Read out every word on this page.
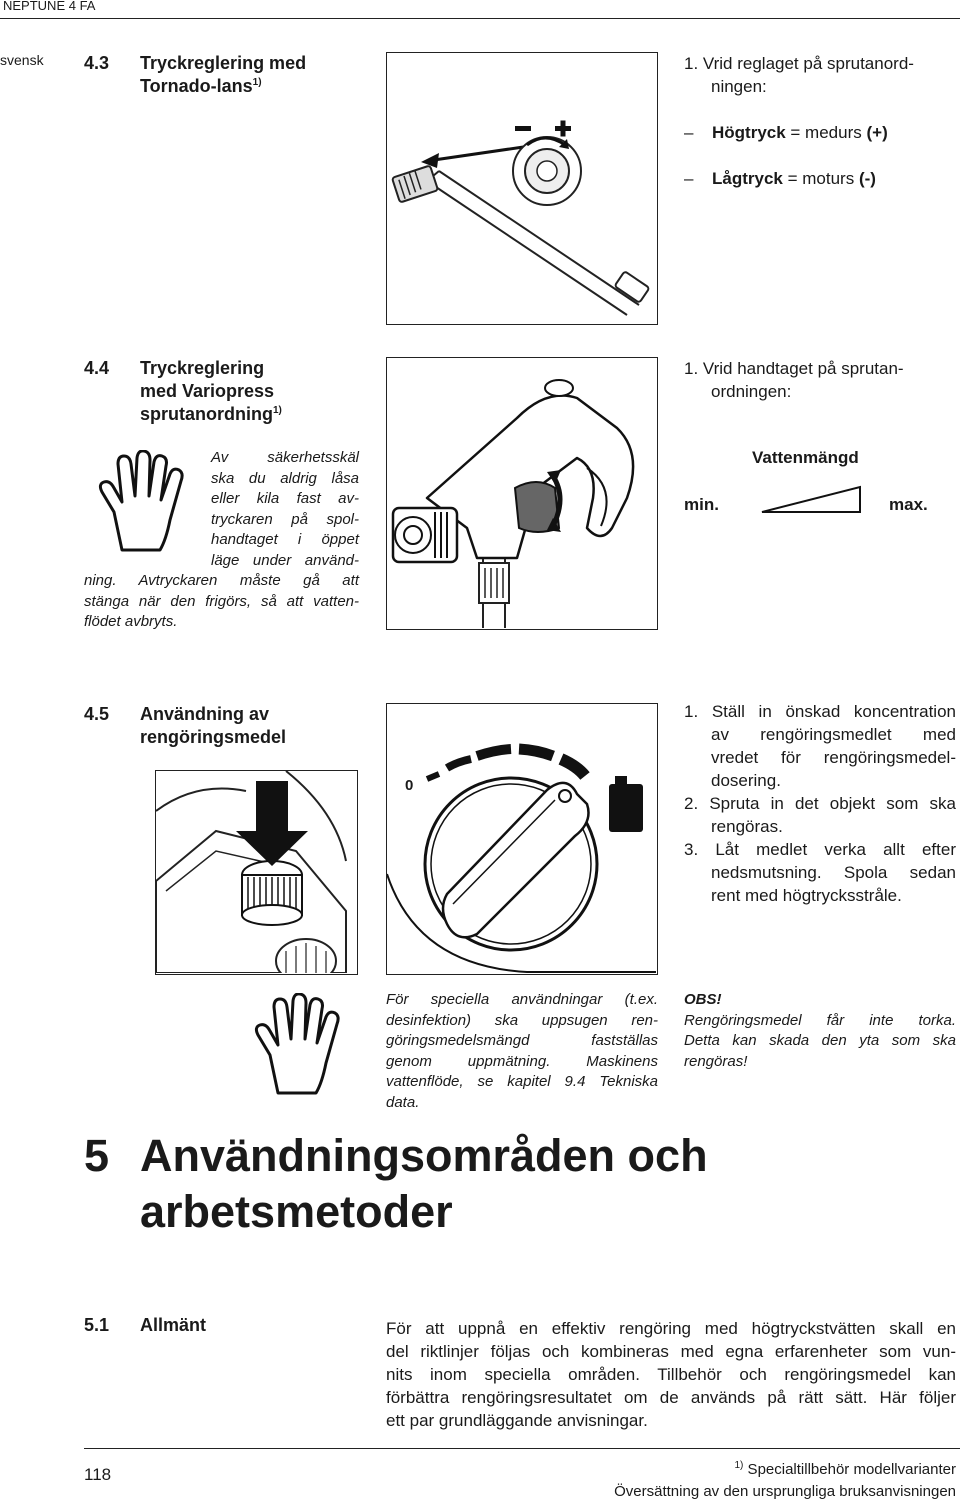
NEPTUNE 4 FA
svensk 4.3 Tryckreglering med
Tornado-lans$^{1)}$
1. Vrid reglaget på sprutanord-
ningen:
– Högtryck = medurs (+)
– Lågtryck = moturs (-)
4.4 Tryckreglering
med Variopress
sprutanordning$^{1)}$
Av säkerhetsskäl
ska du aldrig låsa
eller kila fast av-
tryckaren på spol-
handtaget i öppet
läge under använd-
ning. Avtryckaren måste gå att
stänga när den frigörs, så att vatten-
flödet avbryts.
1. Vrid handtaget på sprutan-
ordningen:
Vattenmängd
min.	max.
4.5 Användning av
rengöringsmedel
0
1. Ställ in önskad koncentration
av rengöringsmedlet med
vredet för rengöringsmedel-
dosering.
2. Spruta in det objekt som ska
rengöras.
3. Låt medlet verka allt efter
nedsmutsning. Spola sedan
rent med högtrycksstråle.
För speciella användningar (t.ex.
desinfektion) ska uppsugen ren-
göringsmedelsmängd fastställas
genom uppmätning. Maskinens
vattenflöde, se kapitel 9.4 Tekniska
data.
OBS!
Rengöringsmedel får inte torka.
Detta kan skada den yta som ska
rengöras!
5 Användningsområden och
arbetsmetoder
5.1 Allmänt	För att uppnå en effektiv rengöring med högtryckstvätten skall en
del riktlinjer följas och kombineras med egna erfarenheter som vun-
nits inom speciella områden. Tillbehör och rengöringsmedel kan
förbättra rengöringsresultatet om de används på rätt sätt. Här följer
ett par grundläggande anvisningar.
118	$^{1)}$ Specialtillbehör modellvarianter
Översättning av den ursprungliga bruksanvisningen
